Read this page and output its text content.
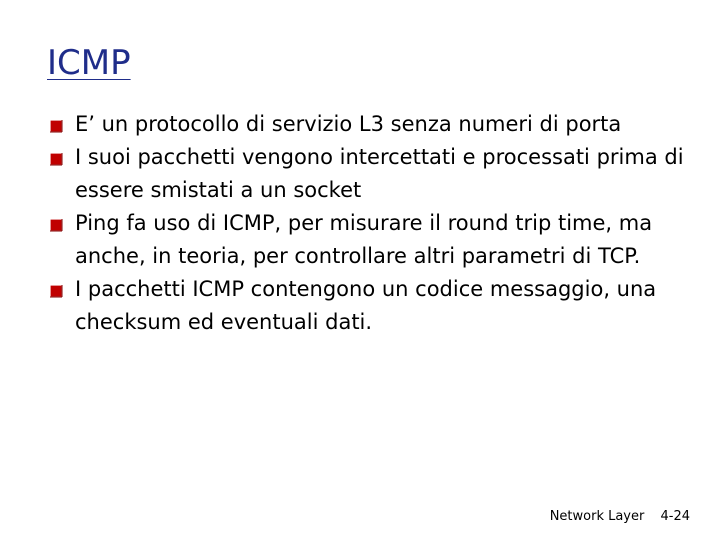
ICMP
E’ un protocollo di servizio L3 senza numeri di porta
I suoi pacchetti vengono intercettati e processati prima di essere smistati a un socket
Ping fa uso di ICMP, per misurare il round trip time, ma anche, in teoria, per controllare altri parametri di TCP.
I pacchetti ICMP contengono un codice messaggio, una checksum ed eventuali dati.
Network Layer 4-24
